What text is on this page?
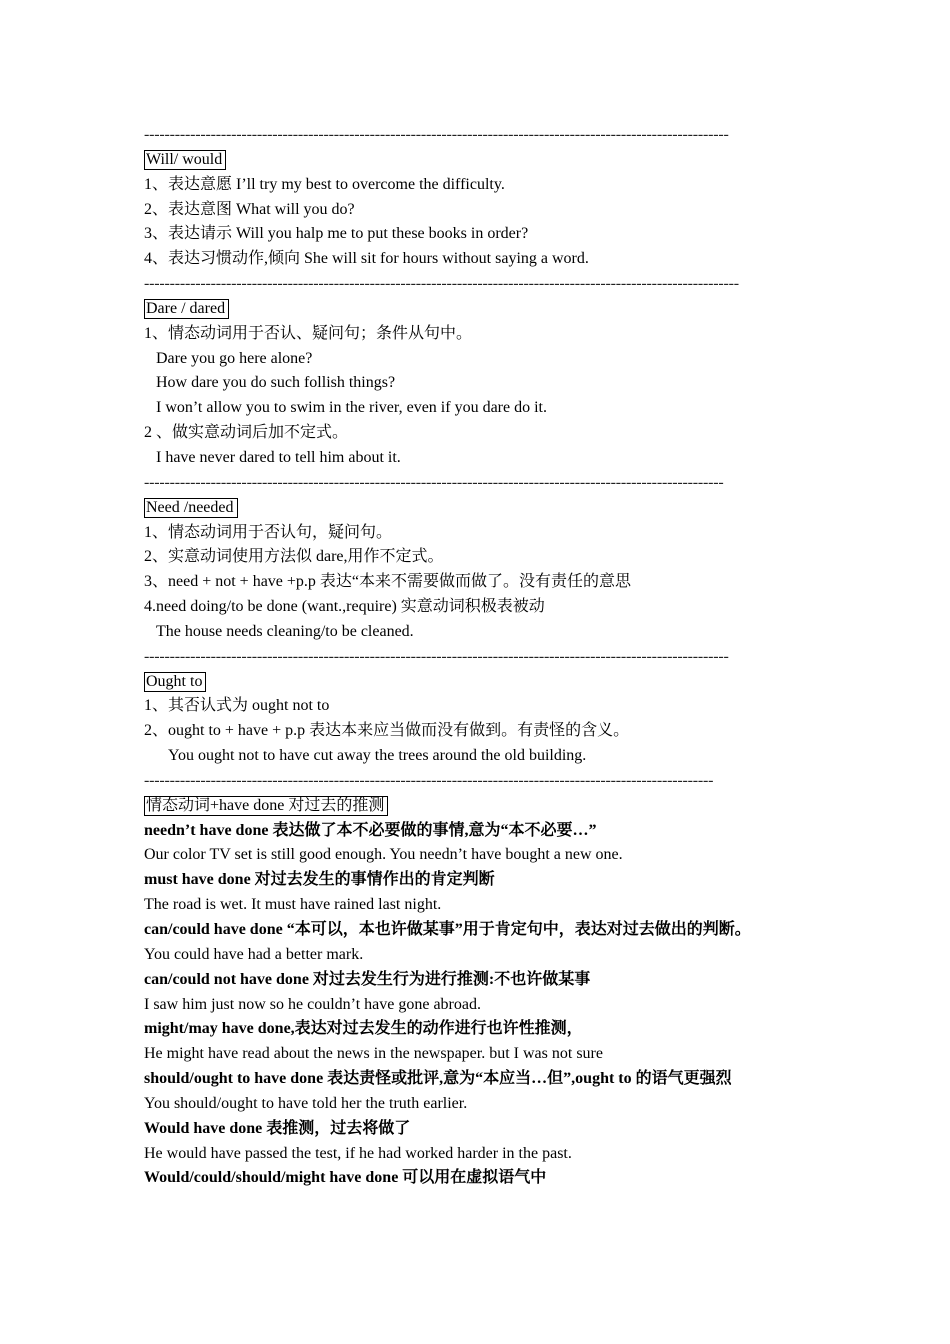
------------------------------------------------------------------------------------------------------------------
Will/ would
1、表达意愿 I’ll try my best to overcome the difficulty.
2、表达意图 What will you do?
3、表达请示 Will you halp me to put these books in order?
4、表达习惯动作,倾向 She will sit for hours without saying a word.
--------------------------------------------------------------------------------------------------------------------
Dare / dared
1、情态动词用于否认、疑问句；条件从句中。
Dare you go here alone?
How dare you do such follish things?
I won’t allow you to swim in the river, even if you dare do it.
2 、做实意动词后加不定式。
I have never dared to tell him about it.
-----------------------------------------------------------------------------------------------------------------
Need /needed
1、情态动词用于否认句，疑问句。
2、实意动词使用方法似 dare,用作不定式。
3、need + not + have +p.p 表达“本来不需要做而做了。没有责任的意思
4.need doing/to be done (want.,require) 实意动词积极表被动
The house needs cleaning/to be cleaned.
------------------------------------------------------------------------------------------------------------------
Ought to
1、其否认式为 ought not to
2、ought to + have + p.p 表达本来应当做而没有做到。有责怪的含义。
You ought not to have cut away the trees around the old building.
---------------------------------------------------------------------------------------------------------------
情态动词+have done 对过去的推测
needn’t have done 表达做了本不必要做的事情,意为“本不必要…”
Our color TV set is still good enough. You needn’t have bought a new one.
must have done 对过去发生的事情作出的肯定判断
The road is wet. It must have rained last night.
can/could have done “本可以，本也许做某事”用于肯定句中，表达对过去做出的判断。
You could have had a better mark.
can/could not have done 对过去发生行为进行推测:不也许做某事
I saw him just now so he couldn’t have gone abroad.
might/may have done,表达对过去发生的动作进行也许性推测，
He might have read about the news in the newspaper. but I was not sure
should/ought to have done 表达责怪或批评,意为“本应当…但”,ought to 的语气更强烈
You should/ought to have told her the truth earlier.
Would have done 表推测，过去将做了
He would have passed the test, if he had worked harder in the past.
Would/could/should/might have done 可以用在虚拟语气中
